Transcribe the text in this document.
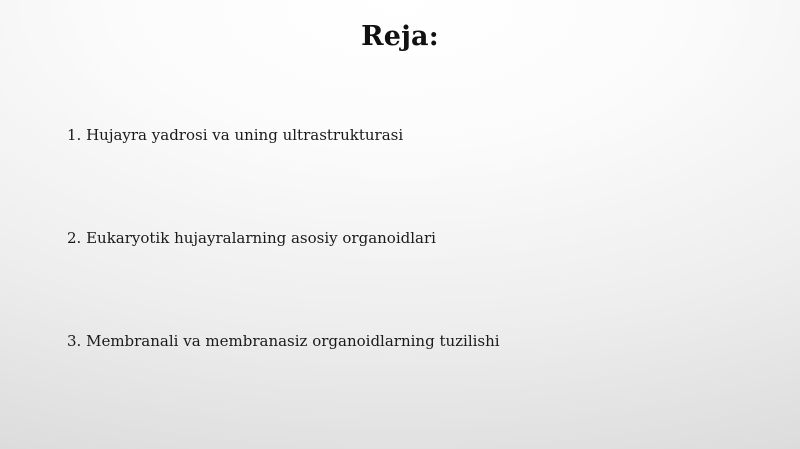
Reja:
1. Hujayra yadrosi va uning ultrastrukturasi
2. Eukaryotik hujayralarning asosiy organoidlari
3. Membranali va membranasiz organoidlarning tuzilishi
